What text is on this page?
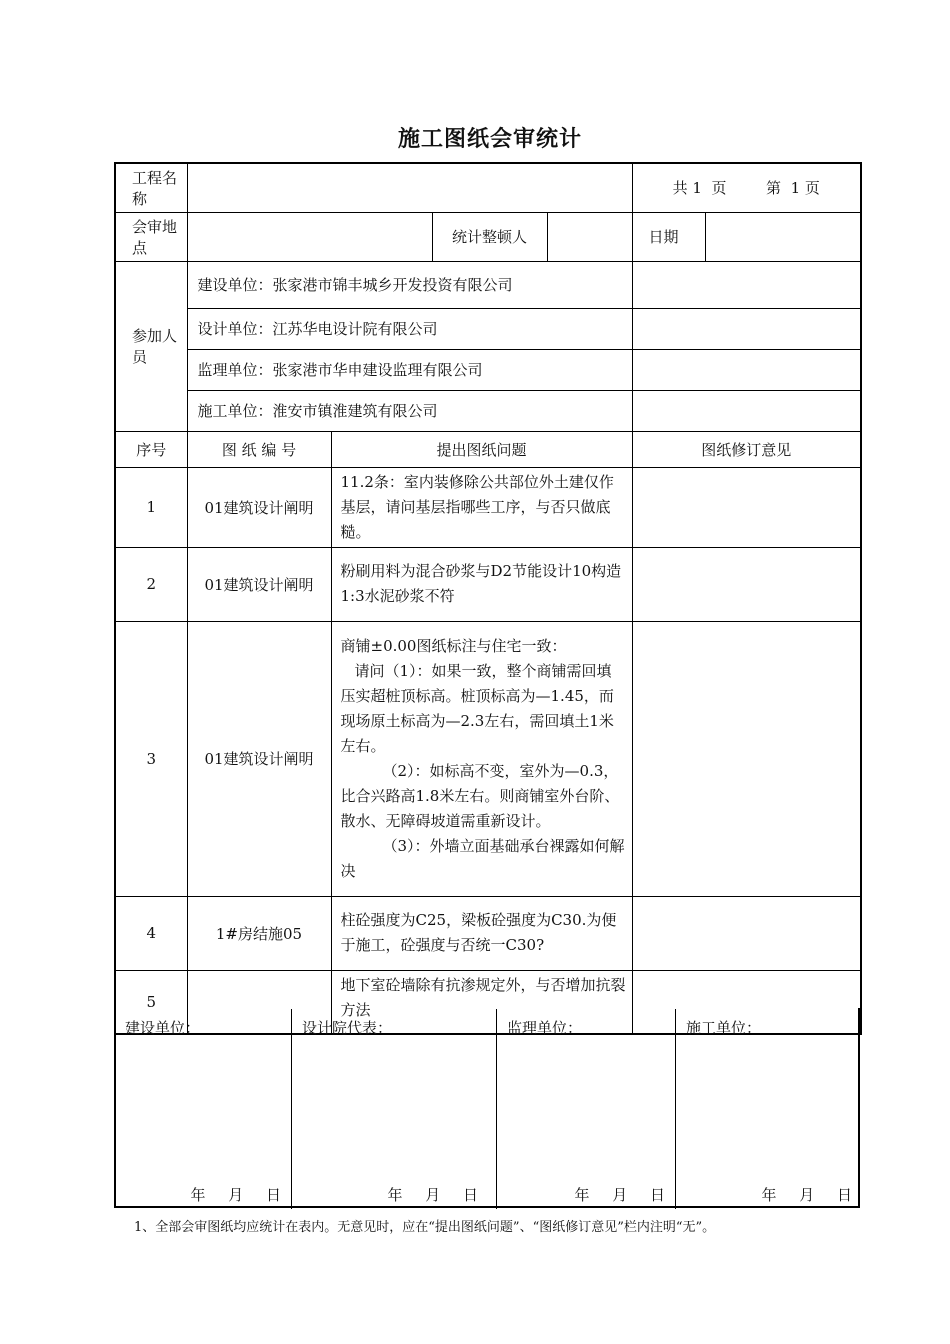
施工图纸会审统计
工程名称					共 1  页 第  1 页	
会审地点			统计整顿人		日期	
参加人员	建设单位：张家港市锦丰城乡开发投资有限公司					
	设计单位：江苏华电设计院有限公司					
	监理单位：张家港市华申建设监理有限公司					
	施工单位：淮安市镇淮建筑有限公司					
序号	图 纸 编 号	提出图纸问题			图纸修订意见	
1	01建筑设计阐明	11.2条：室内装修除公共部位外土建仅作基层，请问基层指哪些工序，与否只做底糙。				
2	01建筑设计阐明	粉刷用料为混合砂浆与D2节能设计10构造1:3水泥砂浆不符				
3	01建筑设计阐明	商铺±0.00图纸标注与住宅一致：
请问（1）：如果一致，整个商铺需回填压实超桩顶标高。桩顶标高为—1.45，而现场原土标高为—2.3左右，需回填土1米左右。
（2）：如标高不变，室外为—0.3，比合兴路高1.8米左右。则商铺室外台阶、散水、无障碍坡道需重新设计。
（3）：外墙立面基础承台裸露如何解决				

4	1#房结施05	柱砼强度为C25，梁板砼强度为C30.为便于施工，砼强度与否统一C30?				
5		地下室砼墙除有抗渗规定外，与否增加抗裂方法				
建设单位：
年 月 日
设计院代表：
年 月 日
监理单位：
年 月 日
施工单位：
年 月 日
1、全部会审图纸均应统计在表内。无意见时，应在“提出图纸问题”、“图纸修订意见”栏内注明“无”。
